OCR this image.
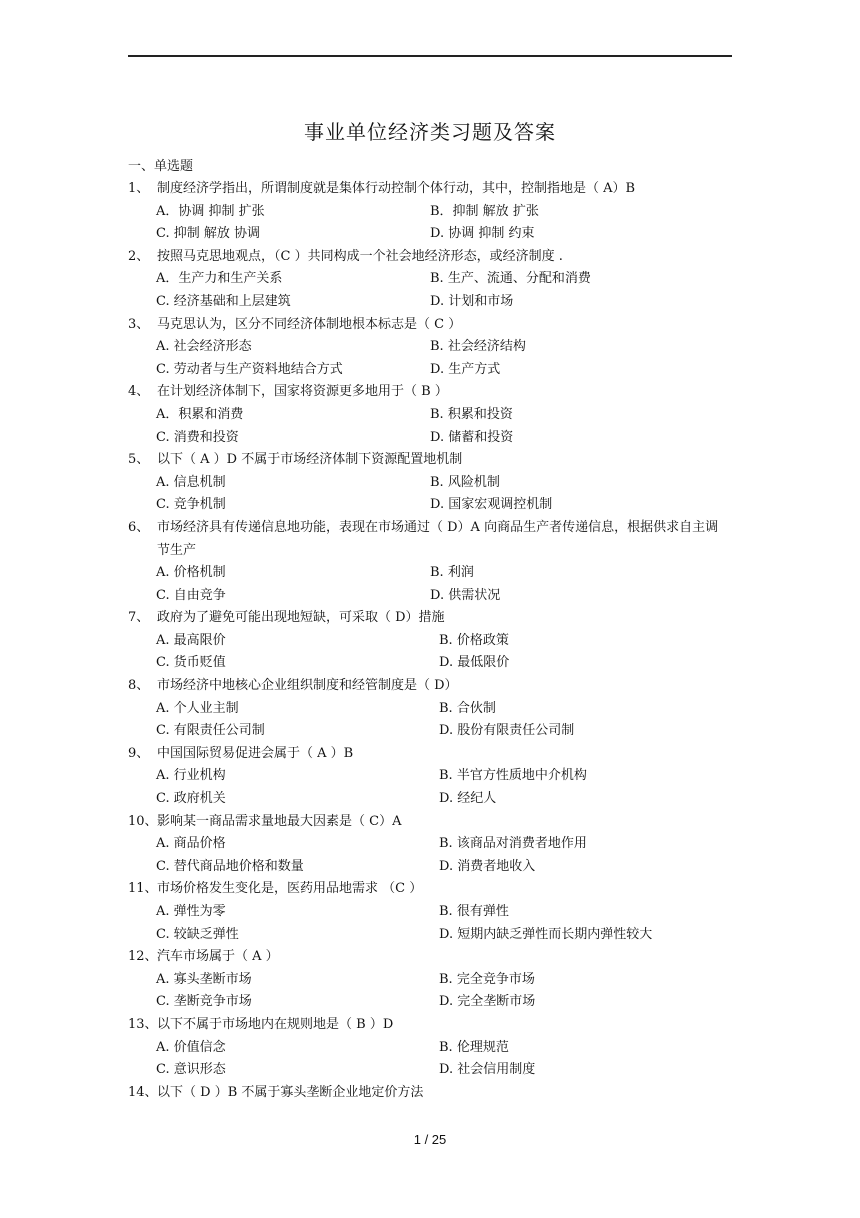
事业单位经济类习题及答案
一、单选题
1、 制度经济学指出，所谓制度就是集体行动控制个体行动，其中，控制指地是（ A）B
A．协调 抑制 扩张	B．抑制 解放 扩张
C. 抑制 解放 协调	D. 协调 抑制 约束
2、 按照马克思地观点，（C ）共同构成一个社会地经济形态，或经济制度 .
A．生产力和生产关系	B. 生产、流通、分配和消费
C. 经济基础和上层建筑	D. 计划和市场
3、 马克思认为，区分不同经济体制地根本标志是（ C ）
A. 社会经济形态	B. 社会经济结构
C. 劳动者与生产资料地结合方式	D. 生产方式
4、 在计划经济体制下，国家将资源更多地用于（ B ）
A．积累和消费	B. 积累和投资
C. 消费和投资	D. 储蓄和投资
5、 以下（ A ）D 不属于市场经济体制下资源配置地机制
A. 信息机制	B. 风险机制
C. 竞争机制	D. 国家宏观调控机制
6、 市场经济具有传递信息地功能，表现在市场通过（ D）A 向商品生产者传递信息，根据供求自主调节生产
A. 价格机制	B. 利润
C. 自由竞争	D. 供需状况
7、 政府为了避免可能出现地短缺，可采取（ D）措施
A. 最高限价	B. 价格政策
C. 货币贬值	D. 最低限价
8、 市场经济中地核心企业组织制度和经管制度是（ D）
A. 个人业主制	B. 合伙制
C. 有限责任公司制	D. 股份有限责任公司制
9、 中国国际贸易促进会属于（ A ）B
A. 行业机构	B. 半官方性质地中介机构
C. 政府机关	D. 经纪人
10、 影响某一商品需求量地最大因素是（ C）A
A. 商品价格	B. 该商品对消费者地作用
C. 替代商品地价格和数量	D. 消费者地收入
11、 市场价格发生变化是，医药用品地需求 （C ）
A. 弹性为零	B. 很有弹性
C. 较缺乏弹性	D. 短期内缺乏弹性而长期内弹性较大
12、 汽车市场属于（ A ）
A. 寡头垄断市场	B. 完全竞争市场
C. 垄断竞争市场	D. 完全垄断市场
13、 以下不属于市场地内在规则地是（ B ）D
A. 价值信念	B. 伦理规范
C. 意识形态	D. 社会信用制度
14、 以下（ D ）B 不属于寡头垄断企业地定价方法
1 / 25
